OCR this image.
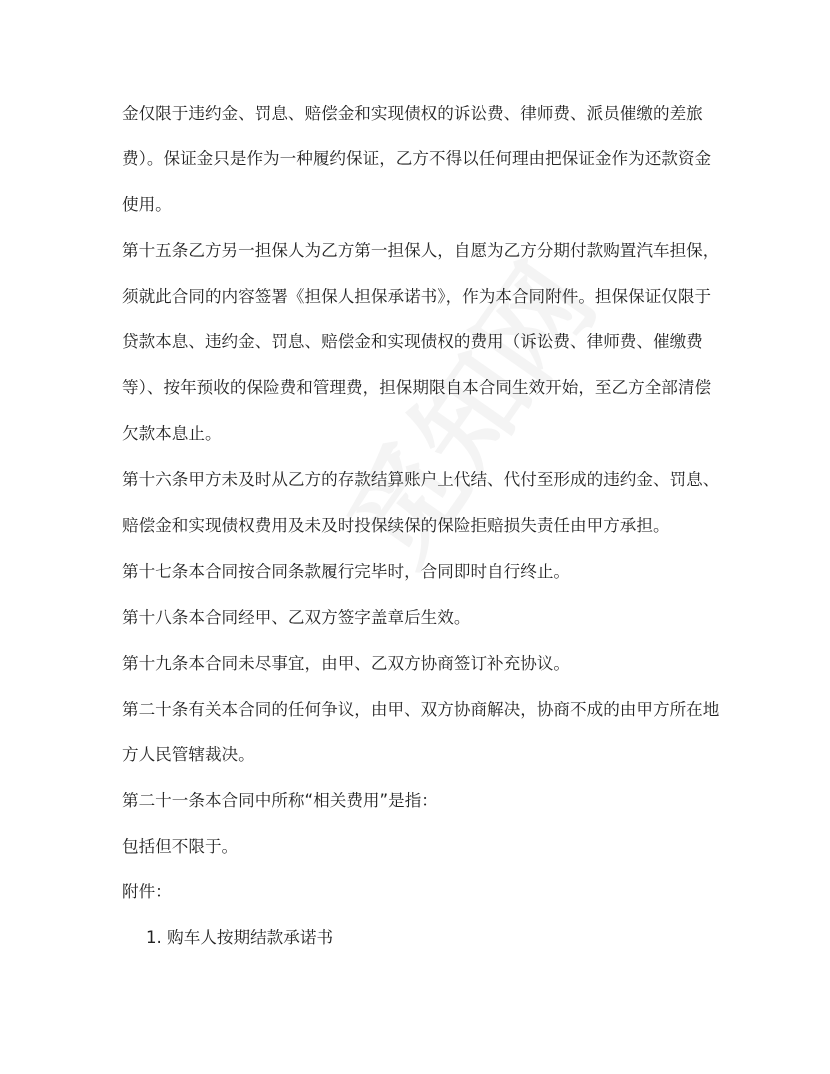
金仅限于违约金、罚息、赔偿金和实现债权的诉讼费、律师费、派员催缴的差旅
费）。保证金只是作为一种履约保证，乙方不得以任何理由把保证金作为还款资金
使用。
第十五条乙方另一担保人为乙方第一担保人，自愿为乙方分期付款购置汽车担保，
须就此合同的内容签署《担保人担保承诺书》，作为本合同附件。担保保证仅限于
贷款本息、违约金、罚息、赔偿金和实现债权的费用（诉讼费、律师费、催缴费
等）、按年预收的保险费和管理费，担保期限自本合同生效开始，至乙方全部清偿
欠款本息止。
第十六条甲方未及时从乙方的存款结算账户上代结、代付至形成的违约金、罚息、
赔偿金和实现债权费用及未及时投保续保的保险拒赔损失责任由甲方承担。
第十七条本合同按合同条款履行完毕时，合同即时自行终止。
第十八条本合同经甲、乙双方签字盖章后生效。
第十九条本合同未尽事宜，由甲、乙双方协商签订补充协议。
第二十条有关本合同的任何争议，由甲、双方协商解决，协商不成的由甲方所在地
方人民管辖裁决。
第二十一条本合同中所称“相关费用”是指：
包括但不限于。
附件：
1. 购车人按期结款承诺书
